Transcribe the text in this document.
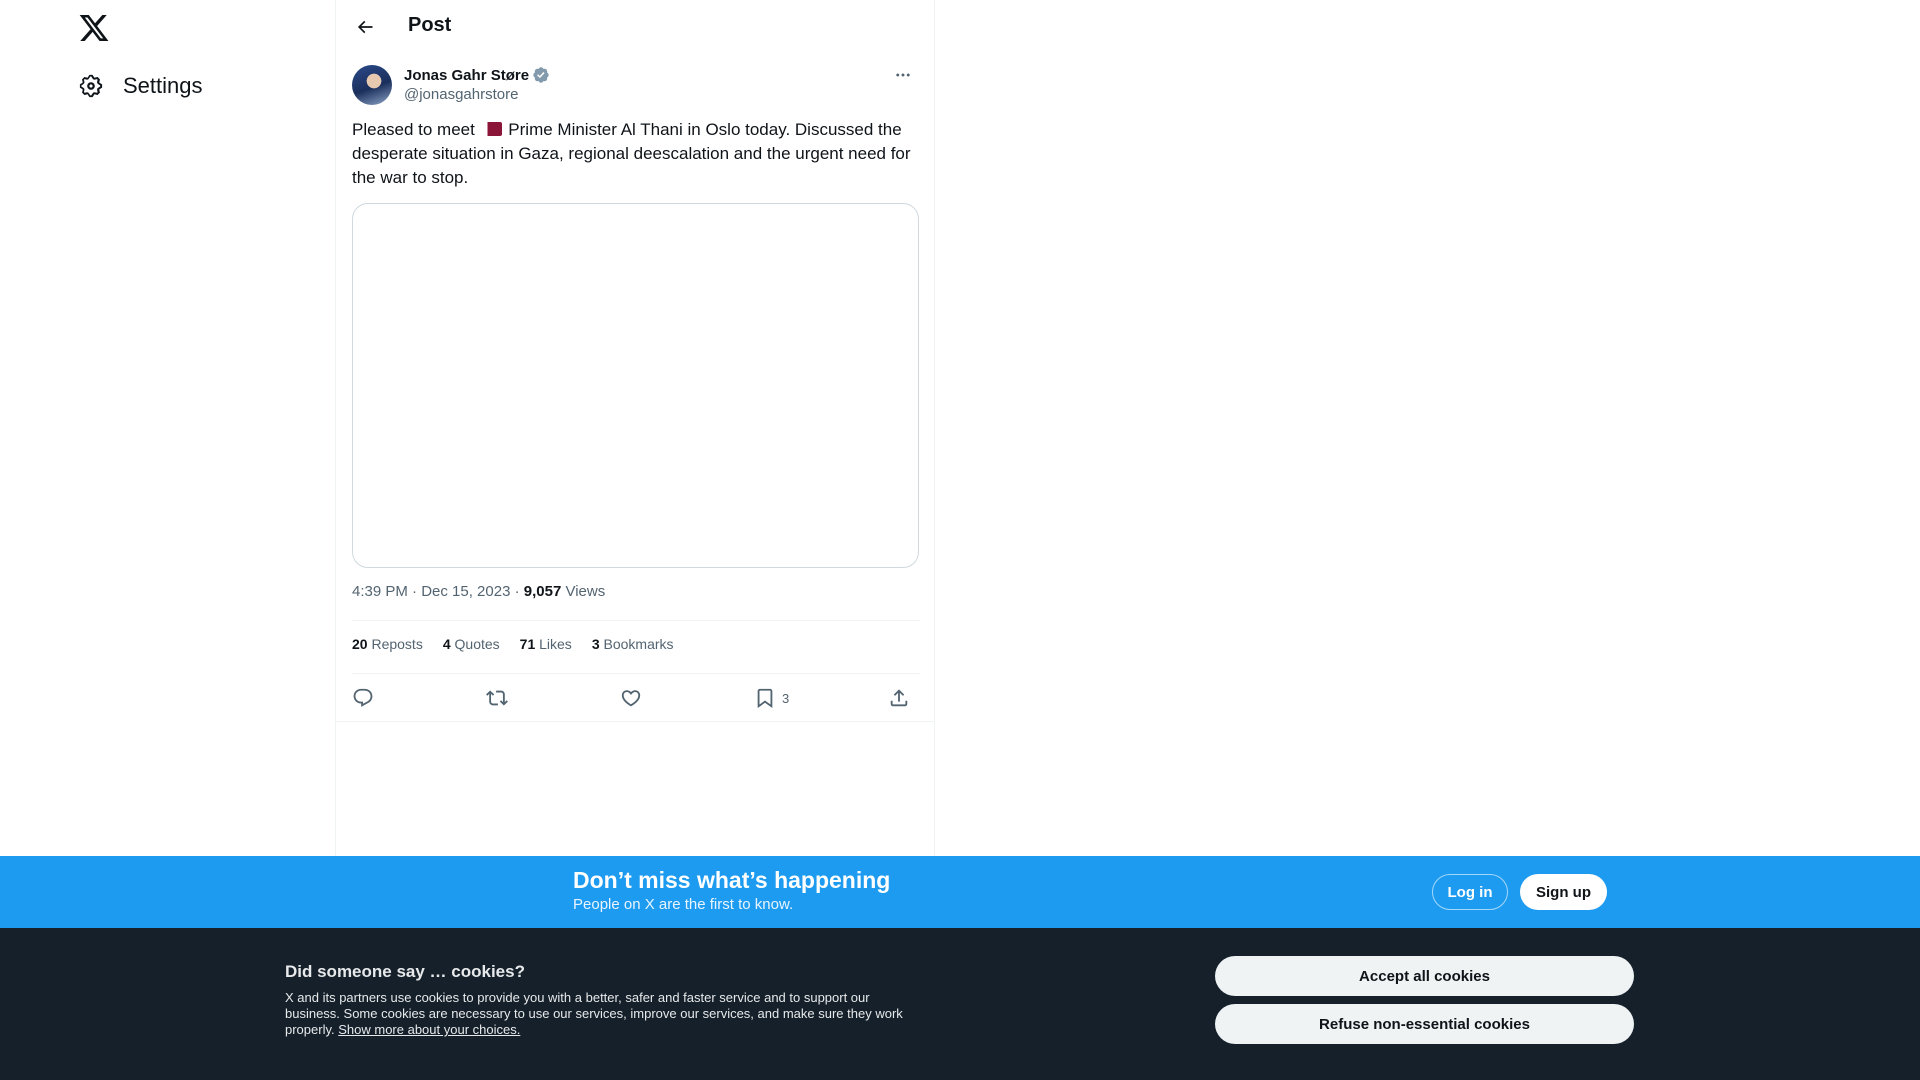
Settings
Post
Jonas Gahr Støre
@jonasgahrstore
Pleased to meet  Prime Minister Al Thani in Oslo today. Discussed the desperate situation in Gaza, regional deescalation and the urgent need for the war to stop.
4:39 PM · Dec 15, 2023 · 9,057 Views
20 Reposts 4 Quotes 71 Likes 3 Bookmarks
3
Don’t miss what’s happening
People on X are the first to know.
Log in	Sign up
Did someone say … cookies?
X and its partners use cookies to provide you with a better, safer and faster service and to support our business. Some cookies are necessary to use our services, improve our services, and make sure they work properly. Show more about your choices.
Accept all cookies
Refuse non-essential cookies
